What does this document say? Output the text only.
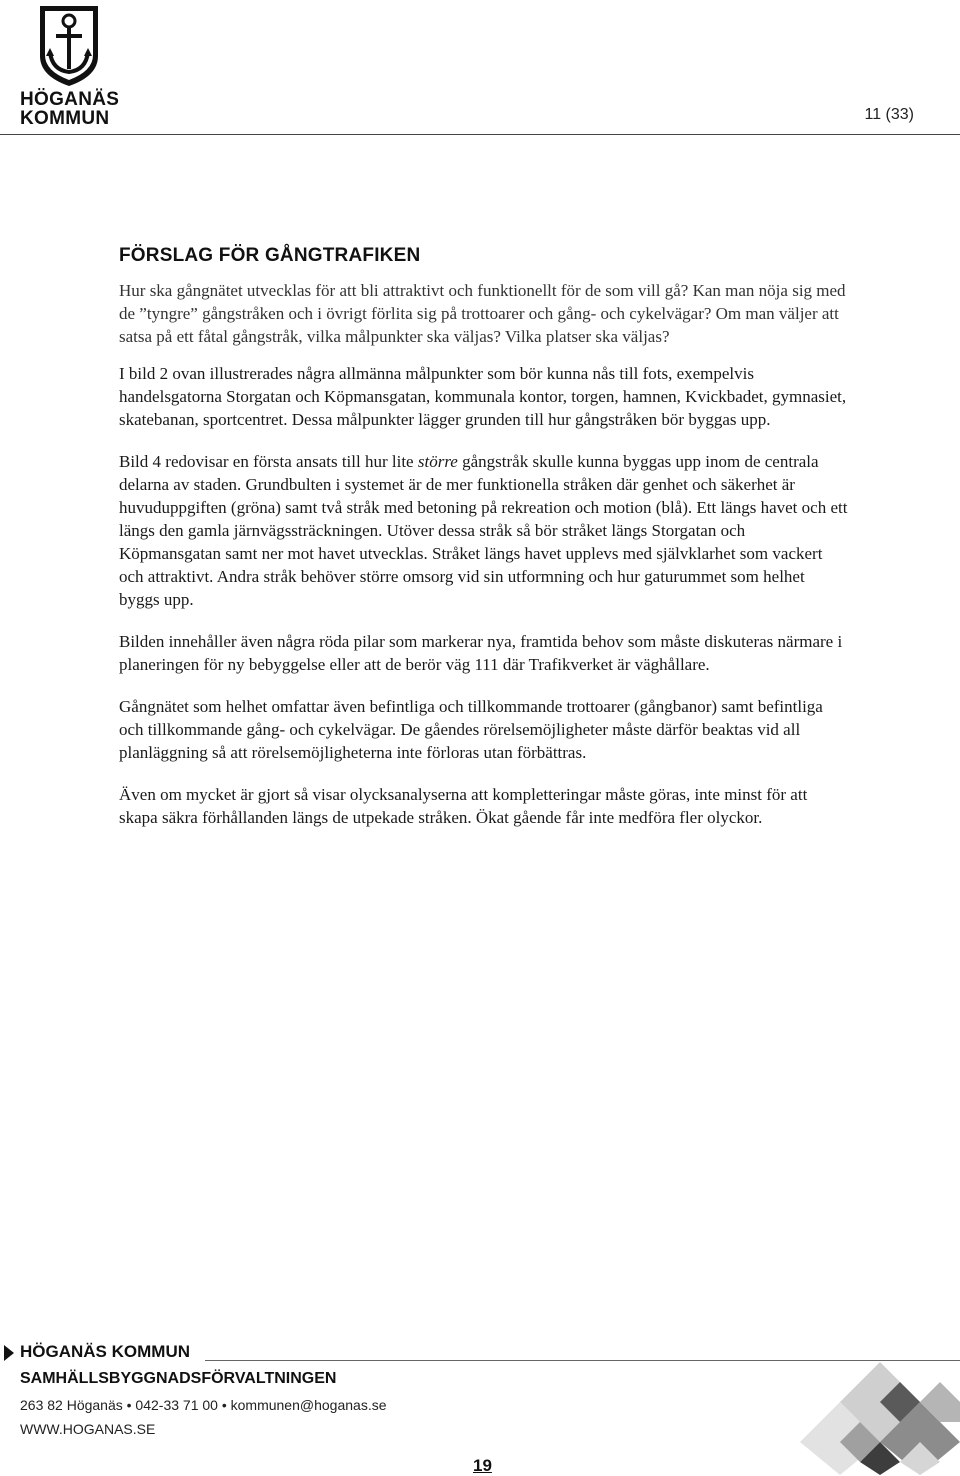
HÖGANÄS
KOMMUN	11 (33)
FÖRSLAG FÖR GÅNGTRAFIKEN

Hur ska gångnätet utvecklas för att bli attraktivt och funktionellt för de som vill gå? Kan man nöja sig med de ”tyngre” gångstråken och i övrigt förlita sig på trottoarer och gång- och cykelvägar? Om man väljer att satsa på ett fåtal gångstråk, vilka målpunkter ska väljas? Vilka platser ska väljas?

I bild 2 ovan illustrerades några allmänna målpunkter som bör kunna nås till fots, exempelvis handelsgatorna Storgatan och Köpmansgatan, kommunala kontor, torgen, hamnen, Kvickbadet, gymnasiet, skatebanan, sportcentret. Dessa målpunkter lägger grunden till hur gångstråken bör byggas upp.

Bild 4 redovisar en första ansats till hur lite större gångstråk skulle kunna byggas upp inom de centrala delarna av staden. Grundbulten i systemet är de mer funktionella stråken där genhet och säkerhet är huvuduppgiften (gröna) samt två stråk med betoning på rekreation och motion (blå). Ett längs havet och ett längs den gamla järnvägssträckningen. Utöver dessa stråk så bör stråket längs Storgatan och Köpmansgatan samt ner mot havet utvecklas. Stråket längs havet upplevs med självklarhet som vackert och attraktivt. Andra stråk behöver större omsorg vid sin utformning och hur gaturummet som helhet byggs upp.

Bilden innehåller även några röda pilar som markerar nya, framtida behov som måste diskuteras närmare i planeringen för ny bebyggelse eller att de berör väg 111 där Trafikverket är väghållare.

Gångnätet som helhet omfattar även befintliga och tillkommande trottoarer (gångbanor) samt befintliga och tillkommande gång- och cykelvägar. De gåendes rörelsemöjligheter måste därför beaktas vid all planläggning så att rörelsemöjligheterna inte förloras utan förbättras.

Även om mycket är gjort så visar olycksanalyserna att kompletteringar måste göras, inte minst för att skapa säkra förhållanden längs de utpekade stråken. Ökat gående får inte medföra fler olyckor.

HÖGANÄS KOMMUN
SAMHÄLLSBYGGNADSFÖRVALTNINGEN
263 82 Höganäs • 042-33 71 00 • kommunen@hoganas.se
WWW.HOGANAS.SE
19
